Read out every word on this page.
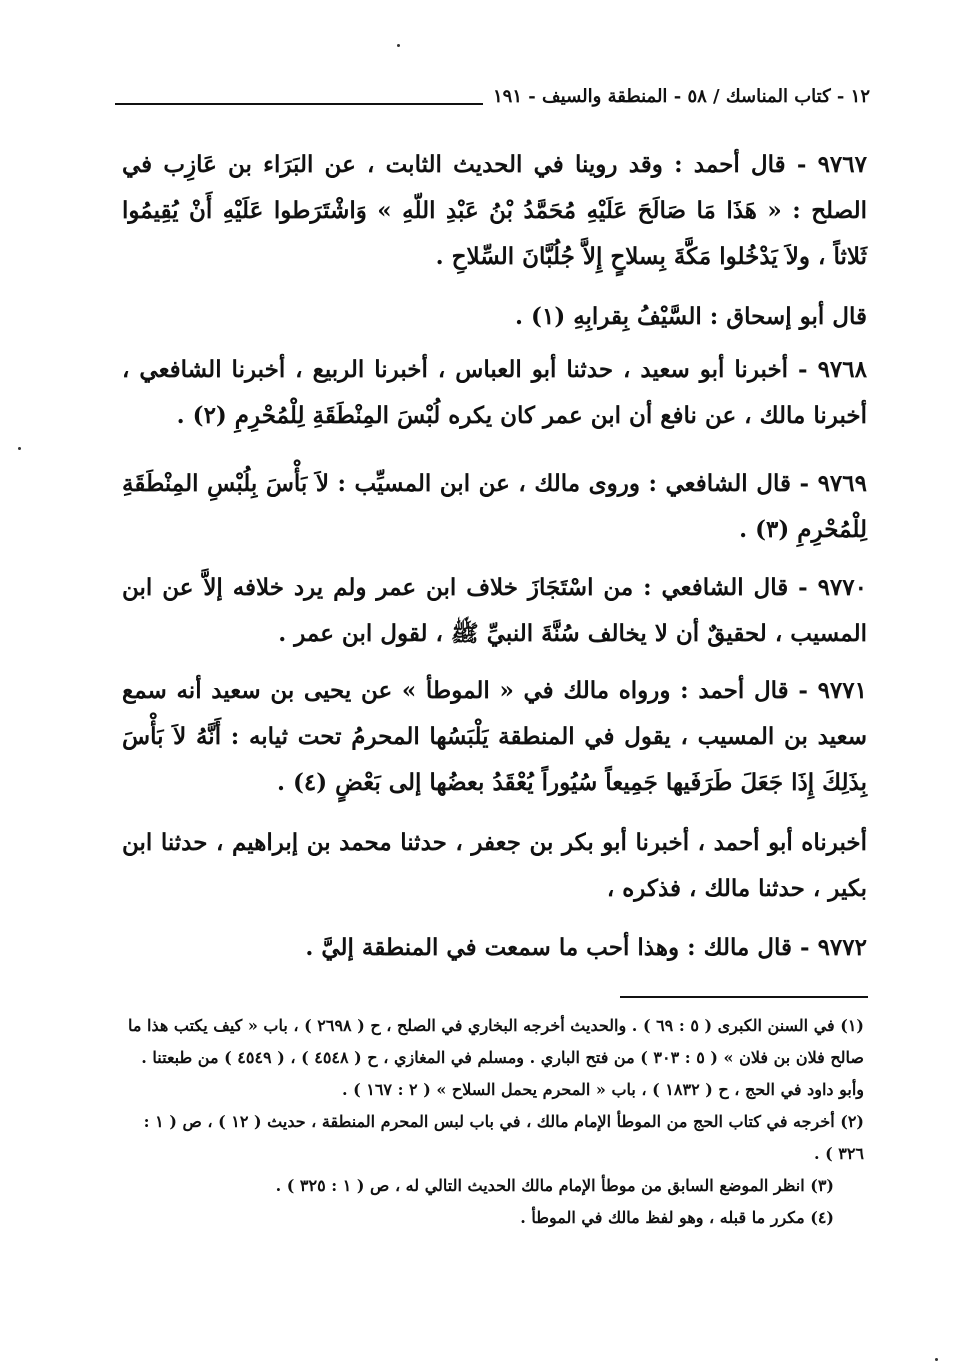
١٢ - كتاب المناسك / ٥٨ - المنطقة والسيف - ١٩١

٩٧٦٧ - قال أحمد : وقد روينا في الحديث الثابت ، عن البَرَاء بن عَازِب في الصلح : « هَذَا مَا صَالَحَ عَلَيْهِ مُحَمَّدُ بْنُ عَبْدِ اللّهِ » وَاشْتَرَطوا عَلَيْهِ أَنْ يُقِيمُوا ثَلاثاً ، ولاَ يَدْخُلوا مَكَّةَ بِسلاحٍ إِلاَّ جُلُبَّانَ السِّلاحِ .

قال أبو إسحاق : السَّيْفُ بِقرابِهِ (١) .

٩٧٦٨ - أخبرنا أبو سعيد ، حدثنا أبو العباس ، أخبرنا الربيع ، أخبرنا الشافعي ، أخبرنا مالك ، عن نافع أن ابن عمر كان يكره لُبْسَ المِنْطَقَةِ لِلْمُحْرِمِ (٢) .

٩٧٦٩ - قال الشافعي : وروى مالك ، عن ابن المسيِّب : لاَ بَأْسَ بِلُبْسِ المِنْطَقَةِ لِلْمُحْرِمِ (٣) .

٩٧٧٠ - قال الشافعي : من اسْتَجَازَ خلاف ابن عمر ولم يرد خلافه إلاَّ عن ابن المسيب ، لحقيقٌ أن لا يخالف سُنَّةَ النبيِّ ﷺ ، لقول ابن عمر .

٩٧٧١ - قال أحمد : ورواه مالك في « الموطأ » عن يحيى بن سعيد أنه سمع سعيد بن المسيب ، يقول في المنطقة يَلْبَسُها المحرمُ تحت ثيابه : أَنَّهُ لاَ بَأْسَ بِذَلِكَ إِذَا جَعَلَ طَرَفَيها جَمِيعاً سُيُوراً يُعْقَدُ بعضُها إلى بَعْضٍ (٤) .

أخبرناه أبو أحمد ، أخبرنا أبو بكر بن جعفر ، حدثنا محمد بن إبراهيم ، حدثنا ابن بكير ، حدثنا مالك ، فذكره ،

٩٧٧٢ - قال مالك : وهذا أحب ما سمعت في المنطقة إليَّ .

(١) في السنن الكبرى ( ٥ : ٦٩ ) . والحديث أخرجه البخاري في الصلح ، ح ( ٢٦٩٨ ) ، باب « كيف يكتب هذا ما صالح فلان بن فلان » ( ٥ : ٣٠٣ ) من فتح الباري . ومسلم في المغازي ، ح ( ٤٥٤٨ ) ، ( ٤٥٤٩ ) من طبعتنا . وأبو داود في الحج ، ح ( ١٨٣٢ ) ، باب « المحرم يحمل السلاح » ( ٢ : ١٦٧ ) .

(٢) أخرجه في كتاب الحج من الموطأ الإمام مالك ، في باب لبس المحرم المنطقة ، حديث ( ١٢ ) ، ص ( ١ : ٣٢٦ ) .

(٣) انظر الموضع السابق من موطأ الإمام مالك الحديث التالي له ، ص ( ١ : ٣٢٥ ) .

(٤) مكرر ما قبله ، وهو لفظ مالك في الموطأ .
